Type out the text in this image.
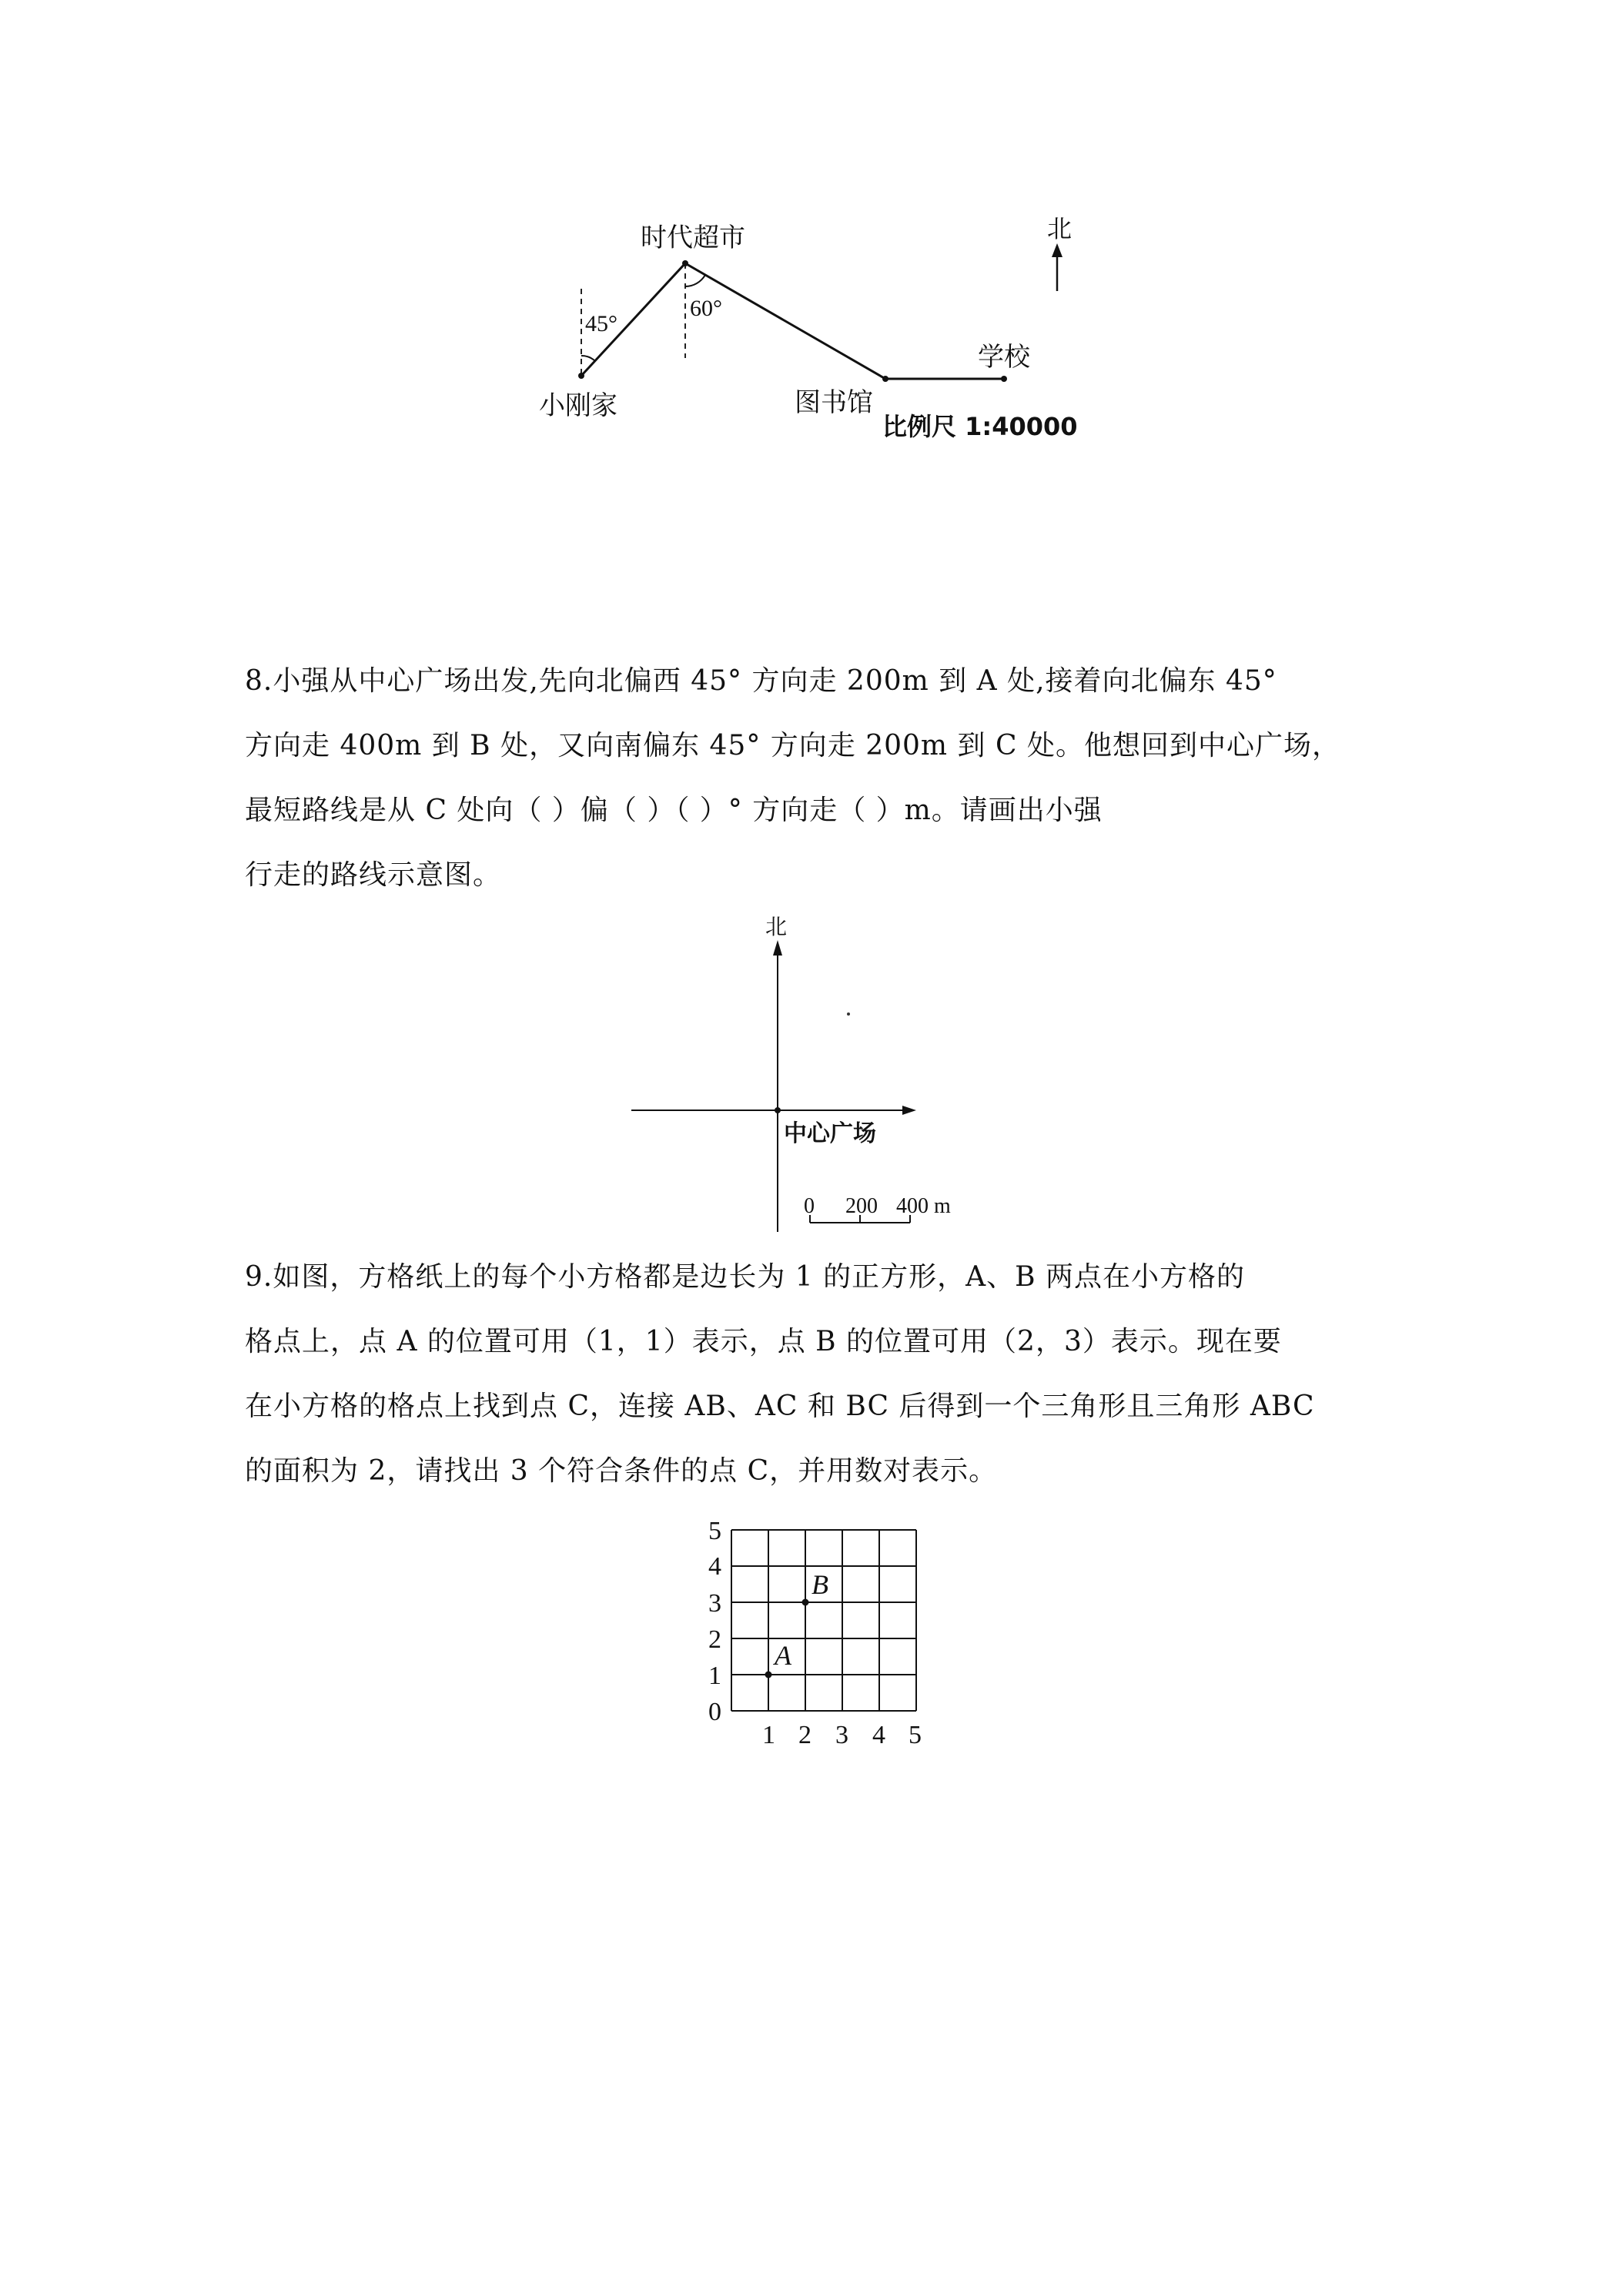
北
时代超市
45°
60°
小刚家	图书馆
学校
比例尺 1:40000

8.小强从中心广场出发,先向北偏西 45° 方向走 200m 到 A 处,接着向北偏东 45°

方向走 400m 到 B 处，又向南偏东 45° 方向走 200m 到 C 处。他想回到中心广场，

最短路线是从 C 处向（ ）偏（ ）（ ）° 方向走（ ）m。请画出小强

行走的路线示意图。

北
中心广场
0 200 400 m

9.如图，方格纸上的每个小方格都是边长为 1 的正方形，A、B 两点在小方格的

格点上，点 A 的位置可用（1，1）表示，点 B 的位置可用（2，3）表示。现在要

在小方格的格点上找到点 C，连接 AB、AC 和 BC 后得到一个三角形且三角形 ABC

的面积为 2，请找出 3 个符合条件的点 C，并用数对表示。

5
4
3
2
1
0
1 2 3 4 5
A
B
